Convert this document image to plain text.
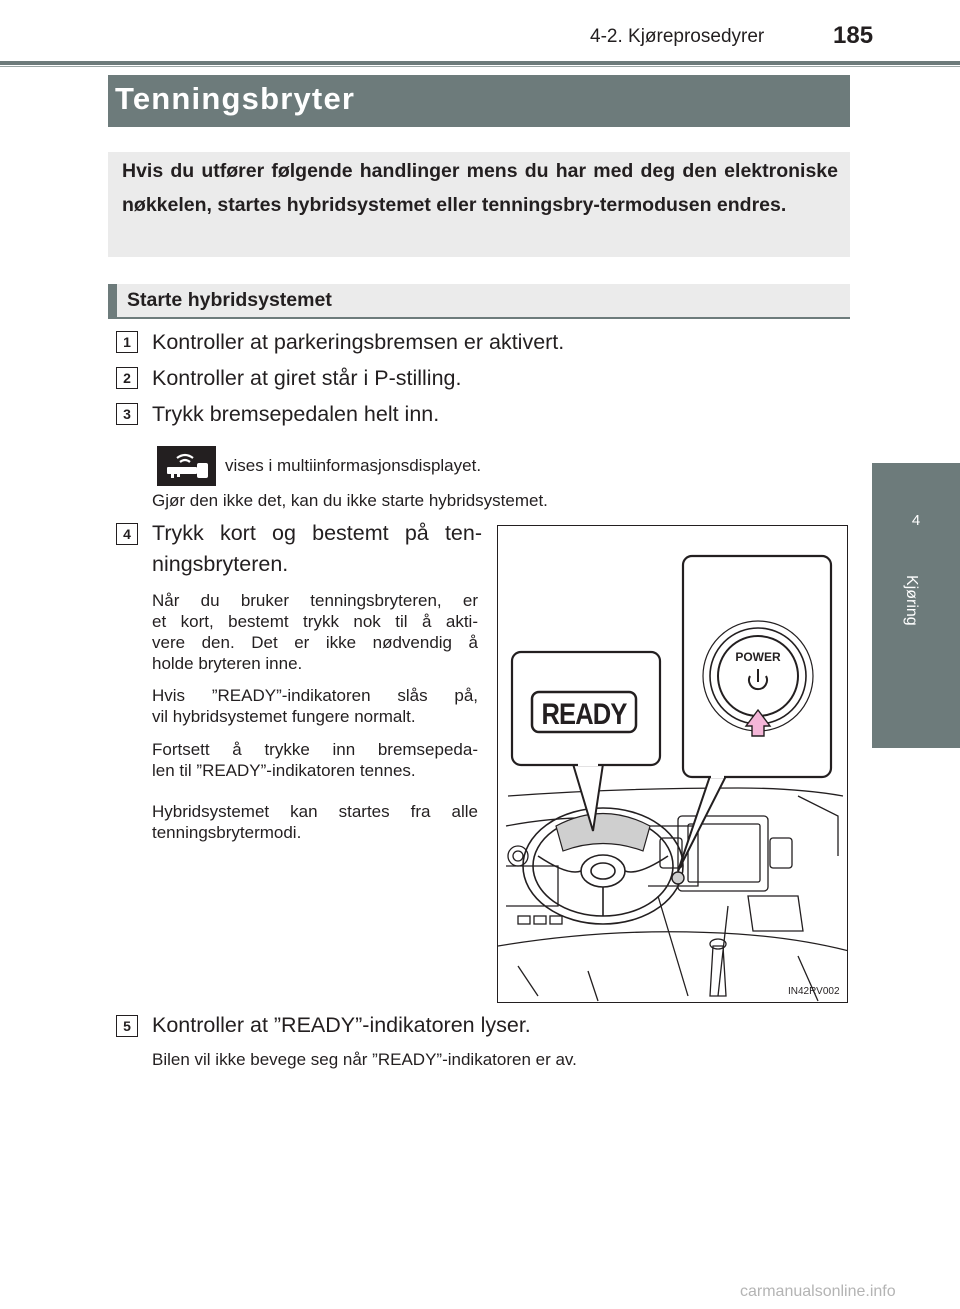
4-2. Kjøreprosedyrer	185
Tenningsbryter
Hvis du utfører følgende handlinger mens du har med deg den elektroniske nøkkelen, startes hybridsystemet eller tenningsbry-termodusen endres.
Starte hybridsystemet
1 Kontroller at parkeringsbremsen er aktivert.
2 Kontroller at giret står i P-stilling.
3 Trykk bremsepedalen helt inn.
vises i multiinformasjonsdisplayet.
Gjør den ikke det, kan du ikke starte hybridsystemet.
4 Trykk kort og bestemt på ten-
ningsbryteren.
Når du bruker tenningsbryteren, er
et kort, bestemt trykk nok til å akti-
vere den. Det er ikke nødvendig å
holde bryteren inne.
Hvis ”READY”-indikatoren slås på,
vil hybridsystemet fungere normalt.
Fortsett å trykke inn bremsepeda-
len til ”READY”-indikatoren tennes.
Hybridsystemet kan startes fra alle
tenningsbrytermodi.
READY
POWER
IN42RV002
5 Kontroller at ”READY”-indikatoren lyser.
Bilen vil ikke bevege seg når ”READY”-indikatoren er av.
4
Kjøring
carmanualsonline.info
